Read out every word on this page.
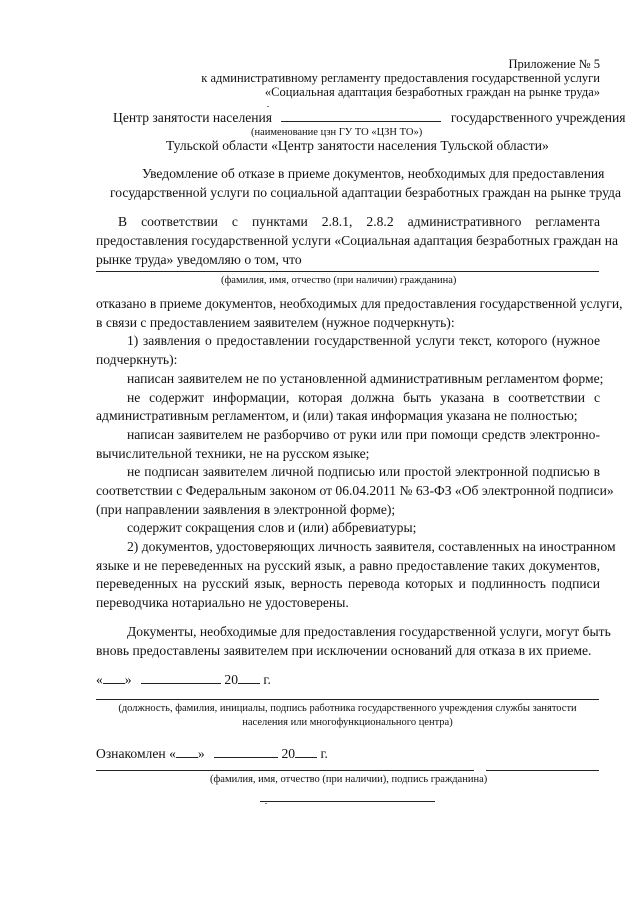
Приложение № 5
к административному регламенту предоставления государственной услуги
«Социальная адаптация безработных граждан на рынке труда»
Центр занятости населения	государственного учреждения
(наименование цзн ГУ ТО «ЦЗН ТО»)
Тульской области «Центр занятости населения Тульской области»
Уведомление об отказе в приеме документов, необходимых для предоставления
государственной услуги по социальной адаптации безработных граждан на рынке труда
В соответствии с пунктами 2.8.1, 2.8.2 административного регламента
предоставления государственной услуги «Социальная адаптация безработных граждан на
рынке труда» уведомляю о том, что
(фамилия, имя, отчество (при наличии) гражданина)
отказано в приеме документов, необходимых для предоставления государственной услуги,
в связи с предоставлением заявителем (нужное подчеркнуть):
1) заявления о предоставлении государственной услуги текст, которого (нужное
подчеркнуть):
написан заявителем не по установленной административным регламентом форме;
не содержит информации, которая должна быть указана в соответствии с
административным регламентом, и (или) такая информация указана не полностью;
написан заявителем не разборчиво от руки или при помощи средств электронно-
вычислительной техники, не на русском языке;
не подписан заявителем личной подписью или простой электронной подписью в
соответствии с Федеральным законом от 06.04.2011 № 63-ФЗ «Об электронной подписи»
(при направлении заявления в электронной форме);
содержит сокращения слов и (или) аббревиатуры;
2) документов, удостоверяющих личность заявителя, составленных на иностранном
языке и не переведенных на русский язык, а равно предоставление таких документов,
переведенных на русский язык, верность перевода которых и подлинность подписи
переводчика нотариально не удостоверены.
Документы, необходимые для предоставления государственной услуги, могут быть
вновь предоставлены заявителем при исключении оснований для отказа в их приеме.
« »	20 г.
(должность, фамилия, инициалы, подпись работника государственного учреждения службы занятости
населения или многофункционального центра)
Ознакомлен « »	20 г.
(фамилия, имя, отчество (при наличии), подпись гражданина)
